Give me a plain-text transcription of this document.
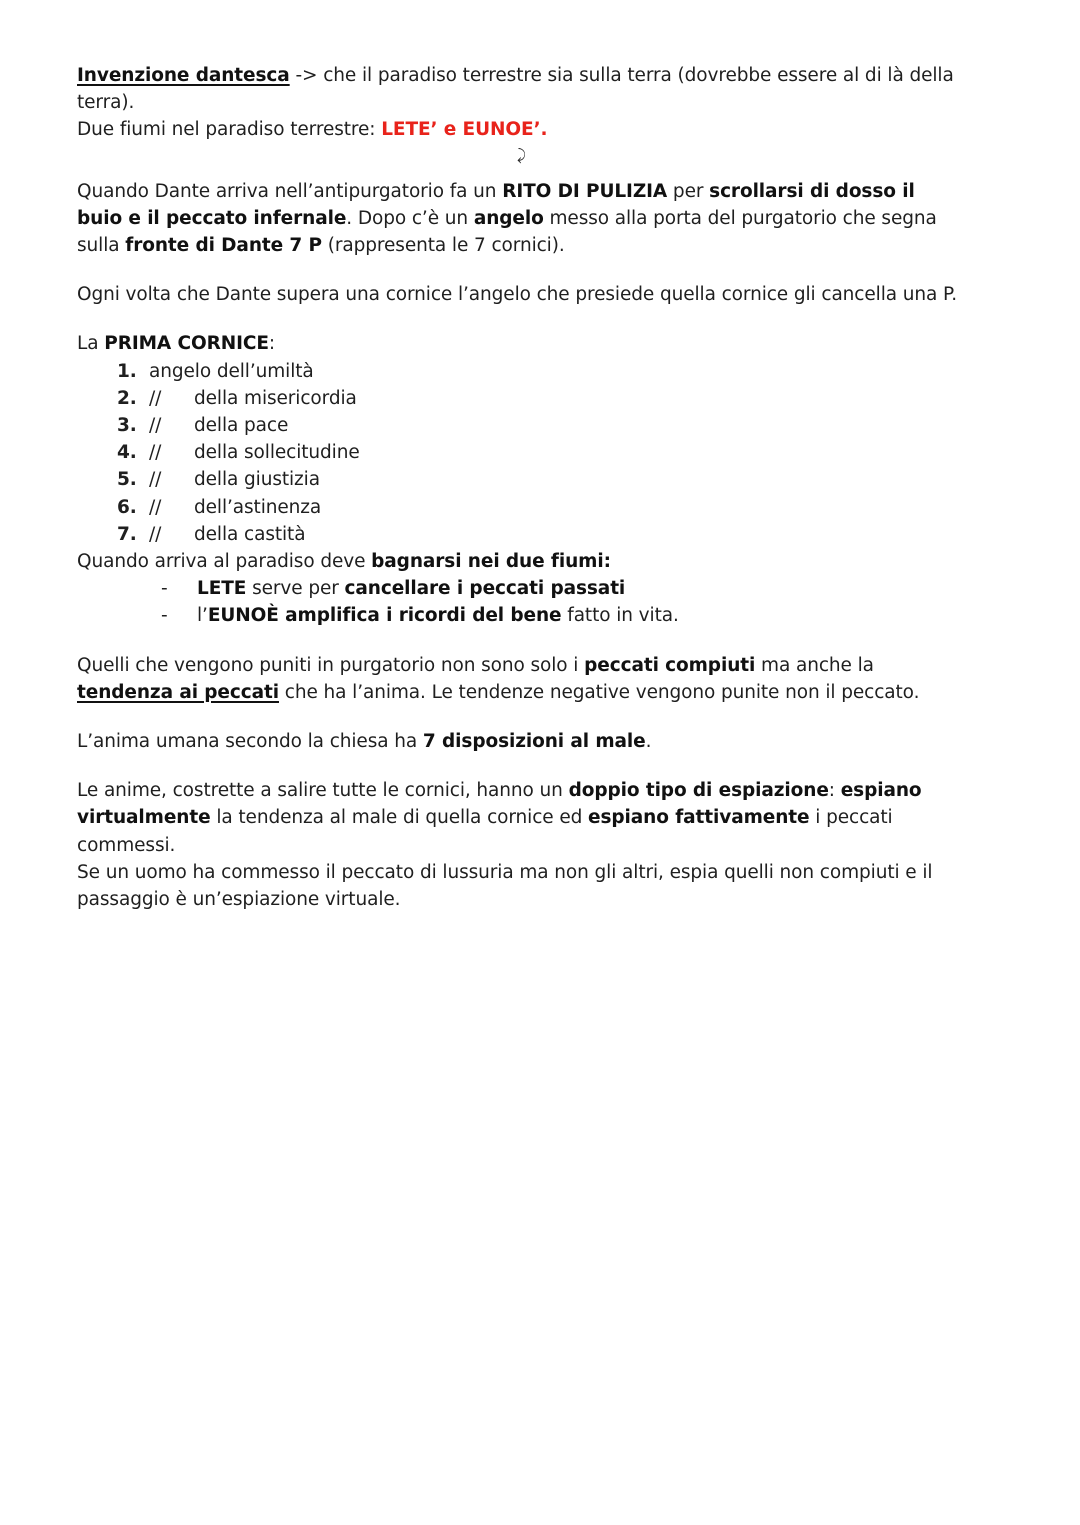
Invenzione dantesca -> che il paradiso terrestre sia sulla terra (dovrebbe essere al di là della terra).

Due fiumi nel paradiso terrestre: LETE’ e EUNOE’.

⤸

Quando Dante arriva nell’antipurgatorio fa un RITO DI PULIZIA per scrollarsi di dosso il buio e il peccato infernale. Dopo c’è un angelo messo alla porta del purgatorio che segna sulla fronte di Dante 7 P (rappresenta le 7 cornici).

Ogni volta che Dante supera una cornice l’angelo che presiede quella cornice gli cancella una P.

La PRIMA CORNICE:

1. angelo dell’umiltà
2. //	della misericordia
3. //	della pace
4. //	della sollecitudine
5. //	della giustizia
6. //	dell’astinenza
7. //	della castità

Quando arriva al paradiso deve bagnarsi nei due fiumi:

-	LETE serve per cancellare i peccati passati
-	l’EUNOÈ amplifica i ricordi del bene fatto in vita.

Quelli che vengono puniti in purgatorio non sono solo i peccati compiuti ma anche la tendenza ai peccati che ha l’anima. Le tendenze negative vengono punite non il peccato.

L’anima umana secondo la chiesa ha 7 disposizioni al male.

Le anime, costrette a salire tutte le cornici, hanno un doppio tipo di espiazione: espiano virtualmente la tendenza al male di quella cornice ed espiano fattivamente i peccati commessi.

Se un uomo ha commesso il peccato di lussuria ma non gli altri, espia quelli non compiuti e il passaggio è un’espiazione virtuale.
